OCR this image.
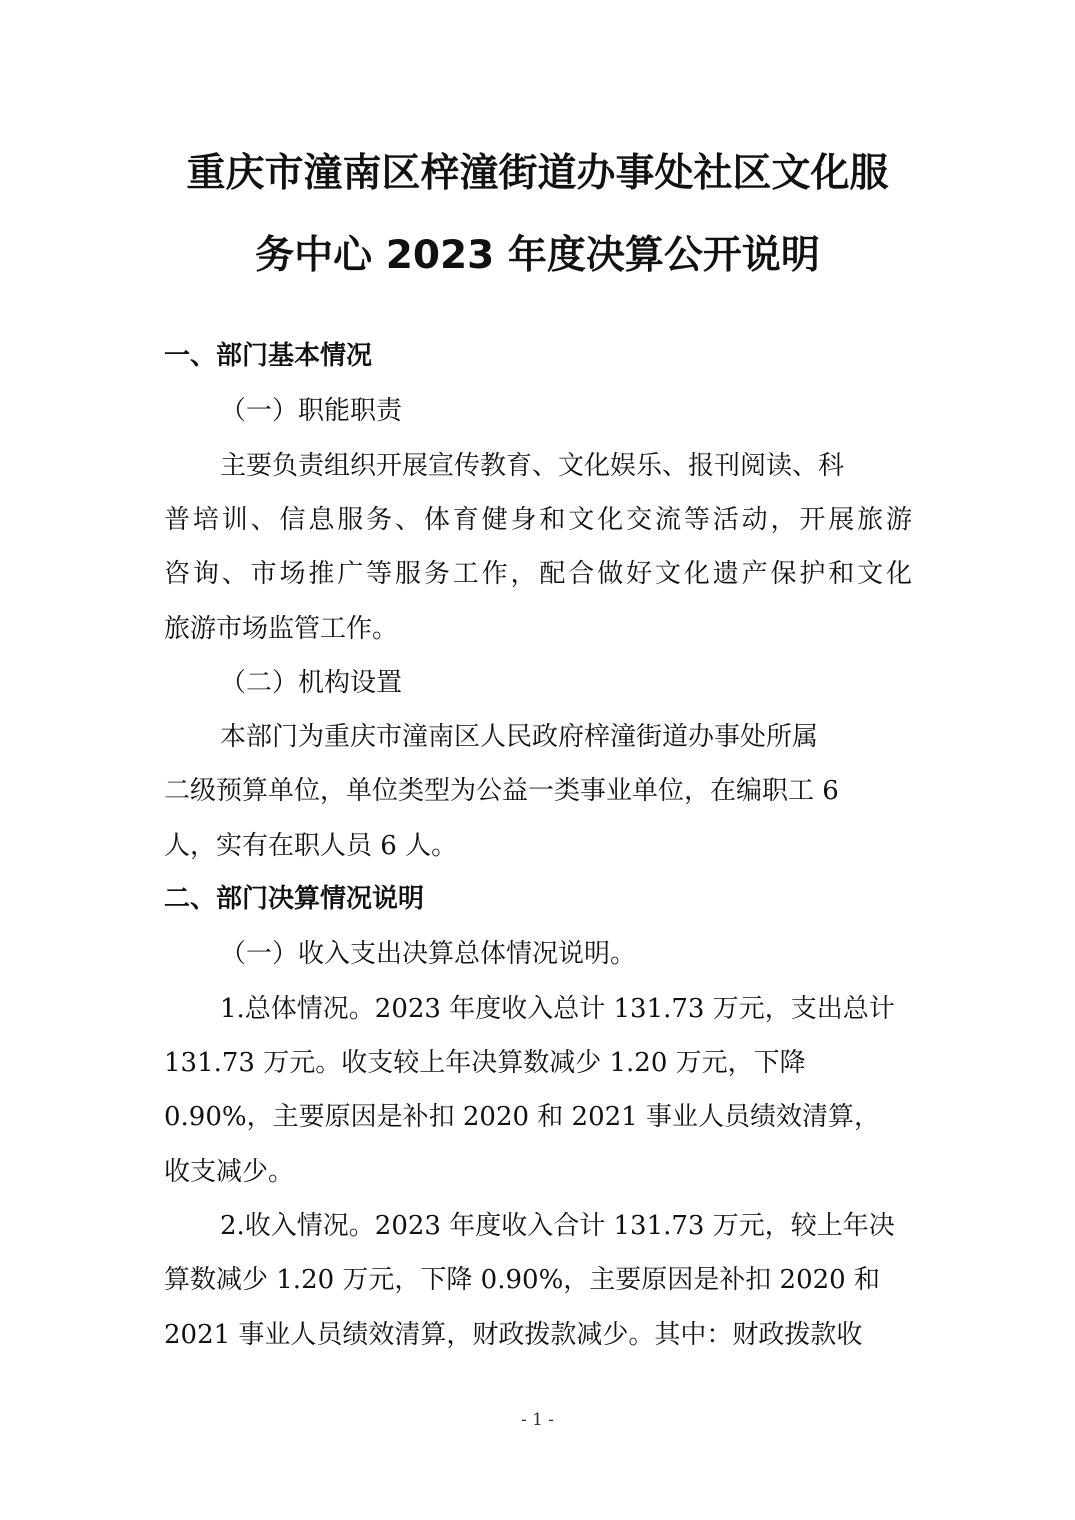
重庆市潼南区梓潼街道办事处社区文化服
务中心 2023 年度决算公开说明

一、部门基本情况

（一）职能职责

主要负责组织开展宣传教育、文化娱乐、报刊阅读、科

普培训、信息服务、体育健身和文化交流等活动，开展旅游

咨询、市场推广等服务工作，配合做好文化遗产保护和文化

旅游市场监管工作。

（二）机构设置

本部门为重庆市潼南区人民政府梓潼街道办事处所属

二级预算单位，单位类型为公益一类事业单位，在编职工 6

人，实有在职人员 6 人。

二、部门决算情况说明

（一）收入支出决算总体情况说明。

1.总体情况。2023 年度收入总计 131.73 万元，支出总计

131.73 万元。收支较上年决算数减少 1.20 万元，下降

0.90%，主要原因是补扣 2020 和 2021 事业人员绩效清算，

收支减少。

2.收入情况。2023 年度收入合计 131.73 万元，较上年决

算数减少 1.20 万元，下降 0.90%，主要原因是补扣 2020 和

2021 事业人员绩效清算，财政拨款减少。其中：财政拨款收

- 1 -
